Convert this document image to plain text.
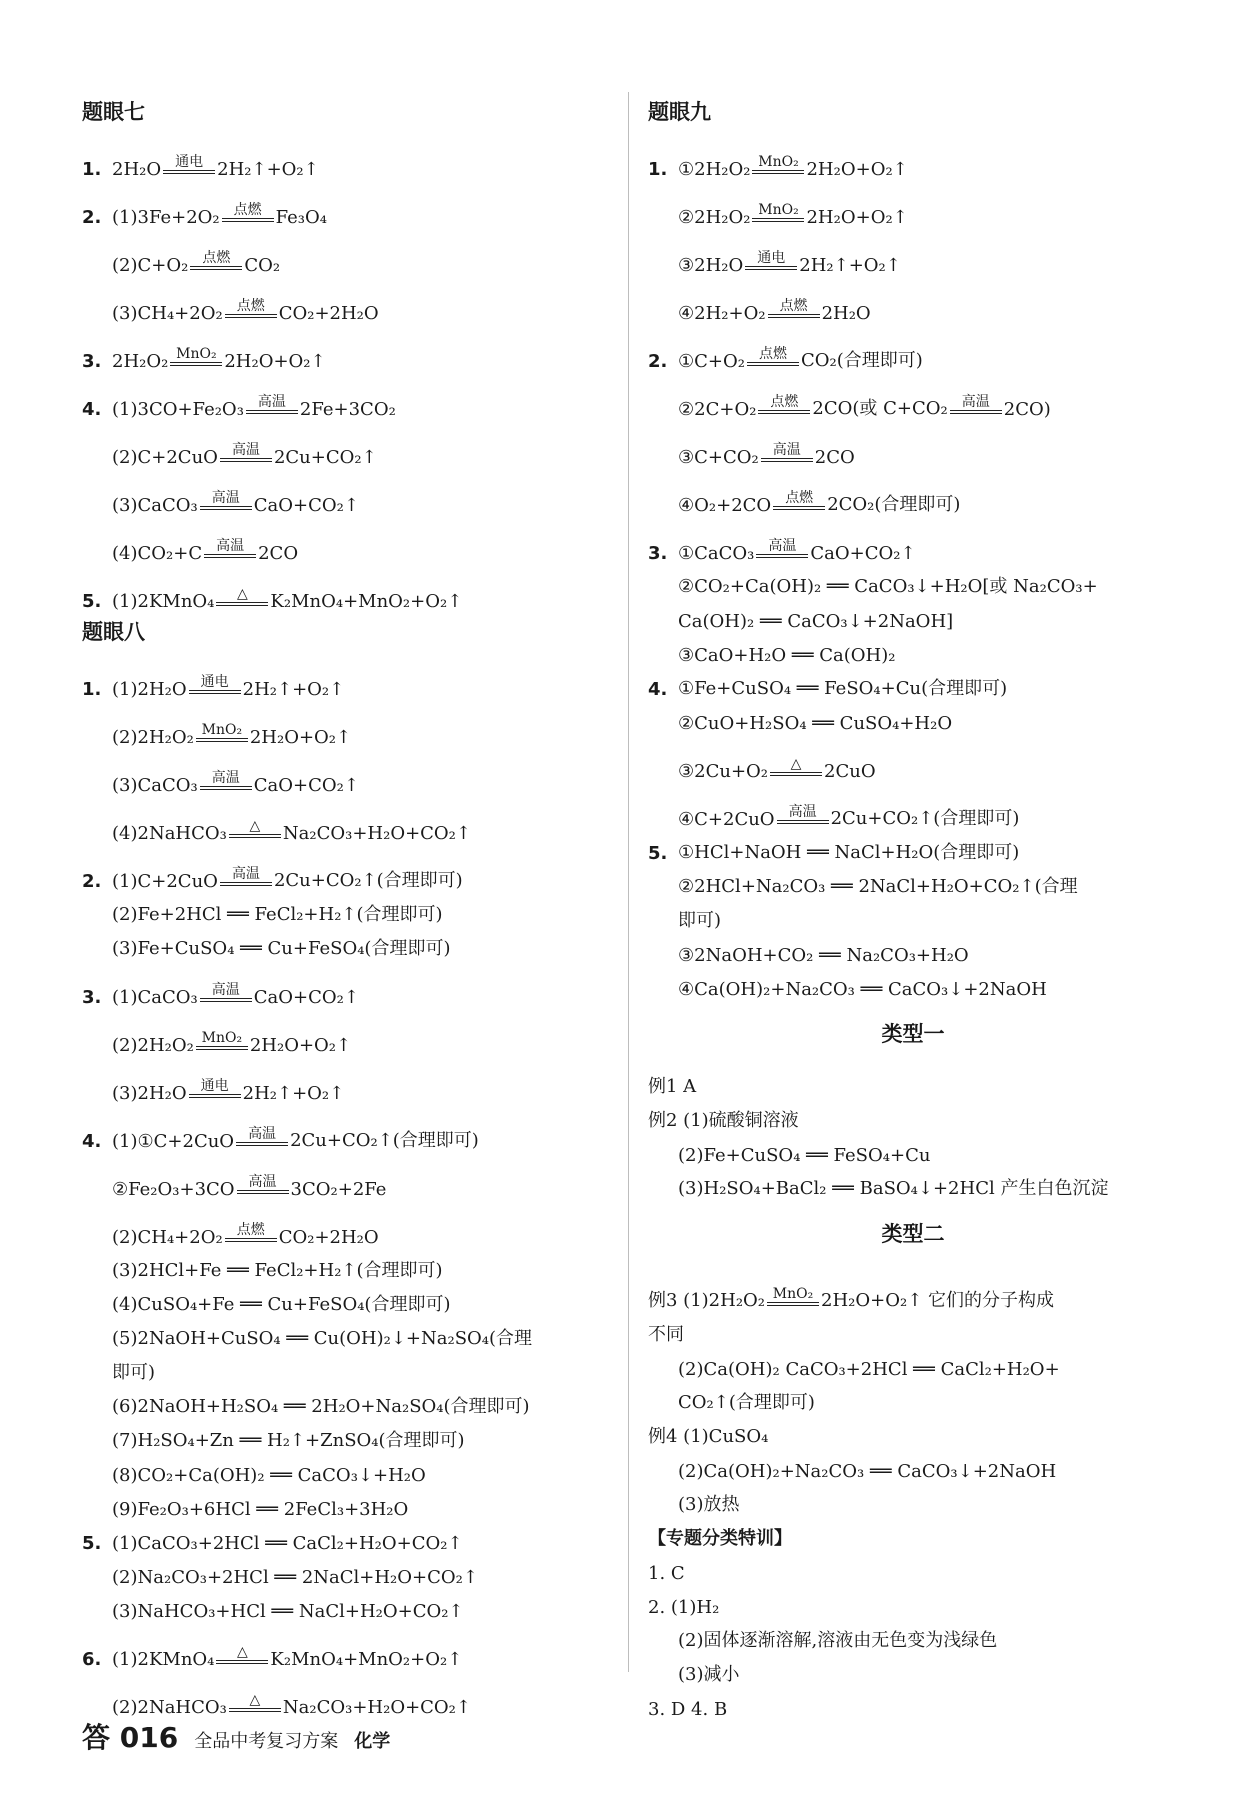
题眼七
1. 2H₂O 通电 2H₂↑+O₂↑
2. (1)3Fe+2O₂ 点燃 Fe₃O₄
(2)C+O₂ 点燃 CO₂
(3)CH₄+2O₂ 点燃 CO₂+2H₂O
3. 2H₂O₂ MnO₂ 2H₂O+O₂↑
4. (1)3CO+Fe₂O₃ 高温 2Fe+3CO₂
(2)C+2CuO 高温 2Cu+CO₂↑
(3)CaCO₃ 高温 CaO+CO₂↑
(4)CO₂+C 高温 2CO
5. (1)2KMnO₄ △ K₂MnO₄+MnO₂+O₂↑
题眼八
1. (1)2H₂O 通电 2H₂↑+O₂↑
(2)2H₂O₂ MnO₂ 2H₂O+O₂↑
(3)CaCO₃ 高温 CaO+CO₂↑
(4)2NaHCO₃ △ Na₂CO₃+H₂O+CO₂↑
2. (1)C+2CuO 高温 2Cu+CO₂↑(合理即可)
(2)Fe+2HCl ══ FeCl₂+H₂↑(合理即可)
(3)Fe+CuSO₄ ══ Cu+FeSO₄(合理即可)
3. (1)CaCO₃ 高温 CaO+CO₂↑
(2)2H₂O₂ MnO₂ 2H₂O+O₂↑
(3)2H₂O 通电 2H₂↑+O₂↑
4. (1)①C+2CuO 高温 2Cu+CO₂↑(合理即可)
②Fe₂O₃+3CO 高温 3CO₂+2Fe
(2)CH₄+2O₂ 点燃 CO₂+2H₂O
(3)2HCl+Fe ══ FeCl₂+H₂↑(合理即可)
(4)CuSO₄+Fe ══ Cu+FeSO₄(合理即可)
(5)2NaOH+CuSO₄ ══ Cu(OH)₂↓+Na₂SO₄(合理
即可)
(6)2NaOH+H₂SO₄ ══ 2H₂O+Na₂SO₄(合理即可)
(7)H₂SO₄+Zn ══ H₂↑+ZnSO₄(合理即可)
(8)CO₂+Ca(OH)₂ ══ CaCO₃↓+H₂O
(9)Fe₂O₃+6HCl ══ 2FeCl₃+3H₂O
5. (1)CaCO₃+2HCl ══ CaCl₂+H₂O+CO₂↑
(2)Na₂CO₃+2HCl ══ 2NaCl+H₂O+CO₂↑
(3)NaHCO₃+HCl ══ NaCl+H₂O+CO₂↑
6. (1)2KMnO₄ △ K₂MnO₄+MnO₂+O₂↑
(2)2NaHCO₃ △ Na₂CO₃+H₂O+CO₂↑
题眼九
1. ①2H₂O₂ MnO₂ 2H₂O+O₂↑
②2H₂O₂ MnO₂ 2H₂O+O₂↑
③2H₂O 通电 2H₂↑+O₂↑
④2H₂+O₂ 点燃 2H₂O
2. ①C+O₂ 点燃 CO₂(合理即可)
②2C+O₂ 点燃 2CO(或 C+CO₂ 高温 2CO)
③C+CO₂ 高温 2CO
④O₂+2CO 点燃 2CO₂(合理即可)
3. ①CaCO₃ 高温 CaO+CO₂↑
②CO₂+Ca(OH)₂ ══ CaCO₃↓+H₂O[或 Na₂CO₃+
Ca(OH)₂ ══ CaCO₃↓+2NaOH]
③CaO+H₂O ══ Ca(OH)₂
4. ①Fe+CuSO₄ ══ FeSO₄+Cu(合理即可)
②CuO+H₂SO₄ ══ CuSO₄+H₂O
③2Cu+O₂ △ 2CuO
④C+2CuO 高温 2Cu+CO₂↑(合理即可)
5. ①HCl+NaOH ══ NaCl+H₂O(合理即可)
②2HCl+Na₂CO₃ ══ 2NaCl+H₂O+CO₂↑(合理
即可)
③2NaOH+CO₂ ══ Na₂CO₃+H₂O
④Ca(OH)₂+Na₂CO₃ ══ CaCO₃↓+2NaOH
类型一
例1 A
例2 (1)硫酸铜溶液
(2)Fe+CuSO₄ ══ FeSO₄+Cu
(3)H₂SO₄+BaCl₂ ══ BaSO₄↓+2HCl 产生白色沉淀
类型二
例3 (1)2H₂O₂ MnO₂ 2H₂O+O₂↑ 它们的分子构成
不同
(2)Ca(OH)₂ CaCO₃+2HCl ══ CaCl₂+H₂O+
CO₂↑(合理即可)
例4 (1)CuSO₄
(2)Ca(OH)₂+Na₂CO₃ ══ CaCO₃↓+2NaOH
(3)放热
【专题分类特训】
1. C
2. (1)H₂
(2)固体逐渐溶解,溶液由无色变为浅绿色
(3)减小
3. D 4. B
答 016 全品中考复习方案 化学
